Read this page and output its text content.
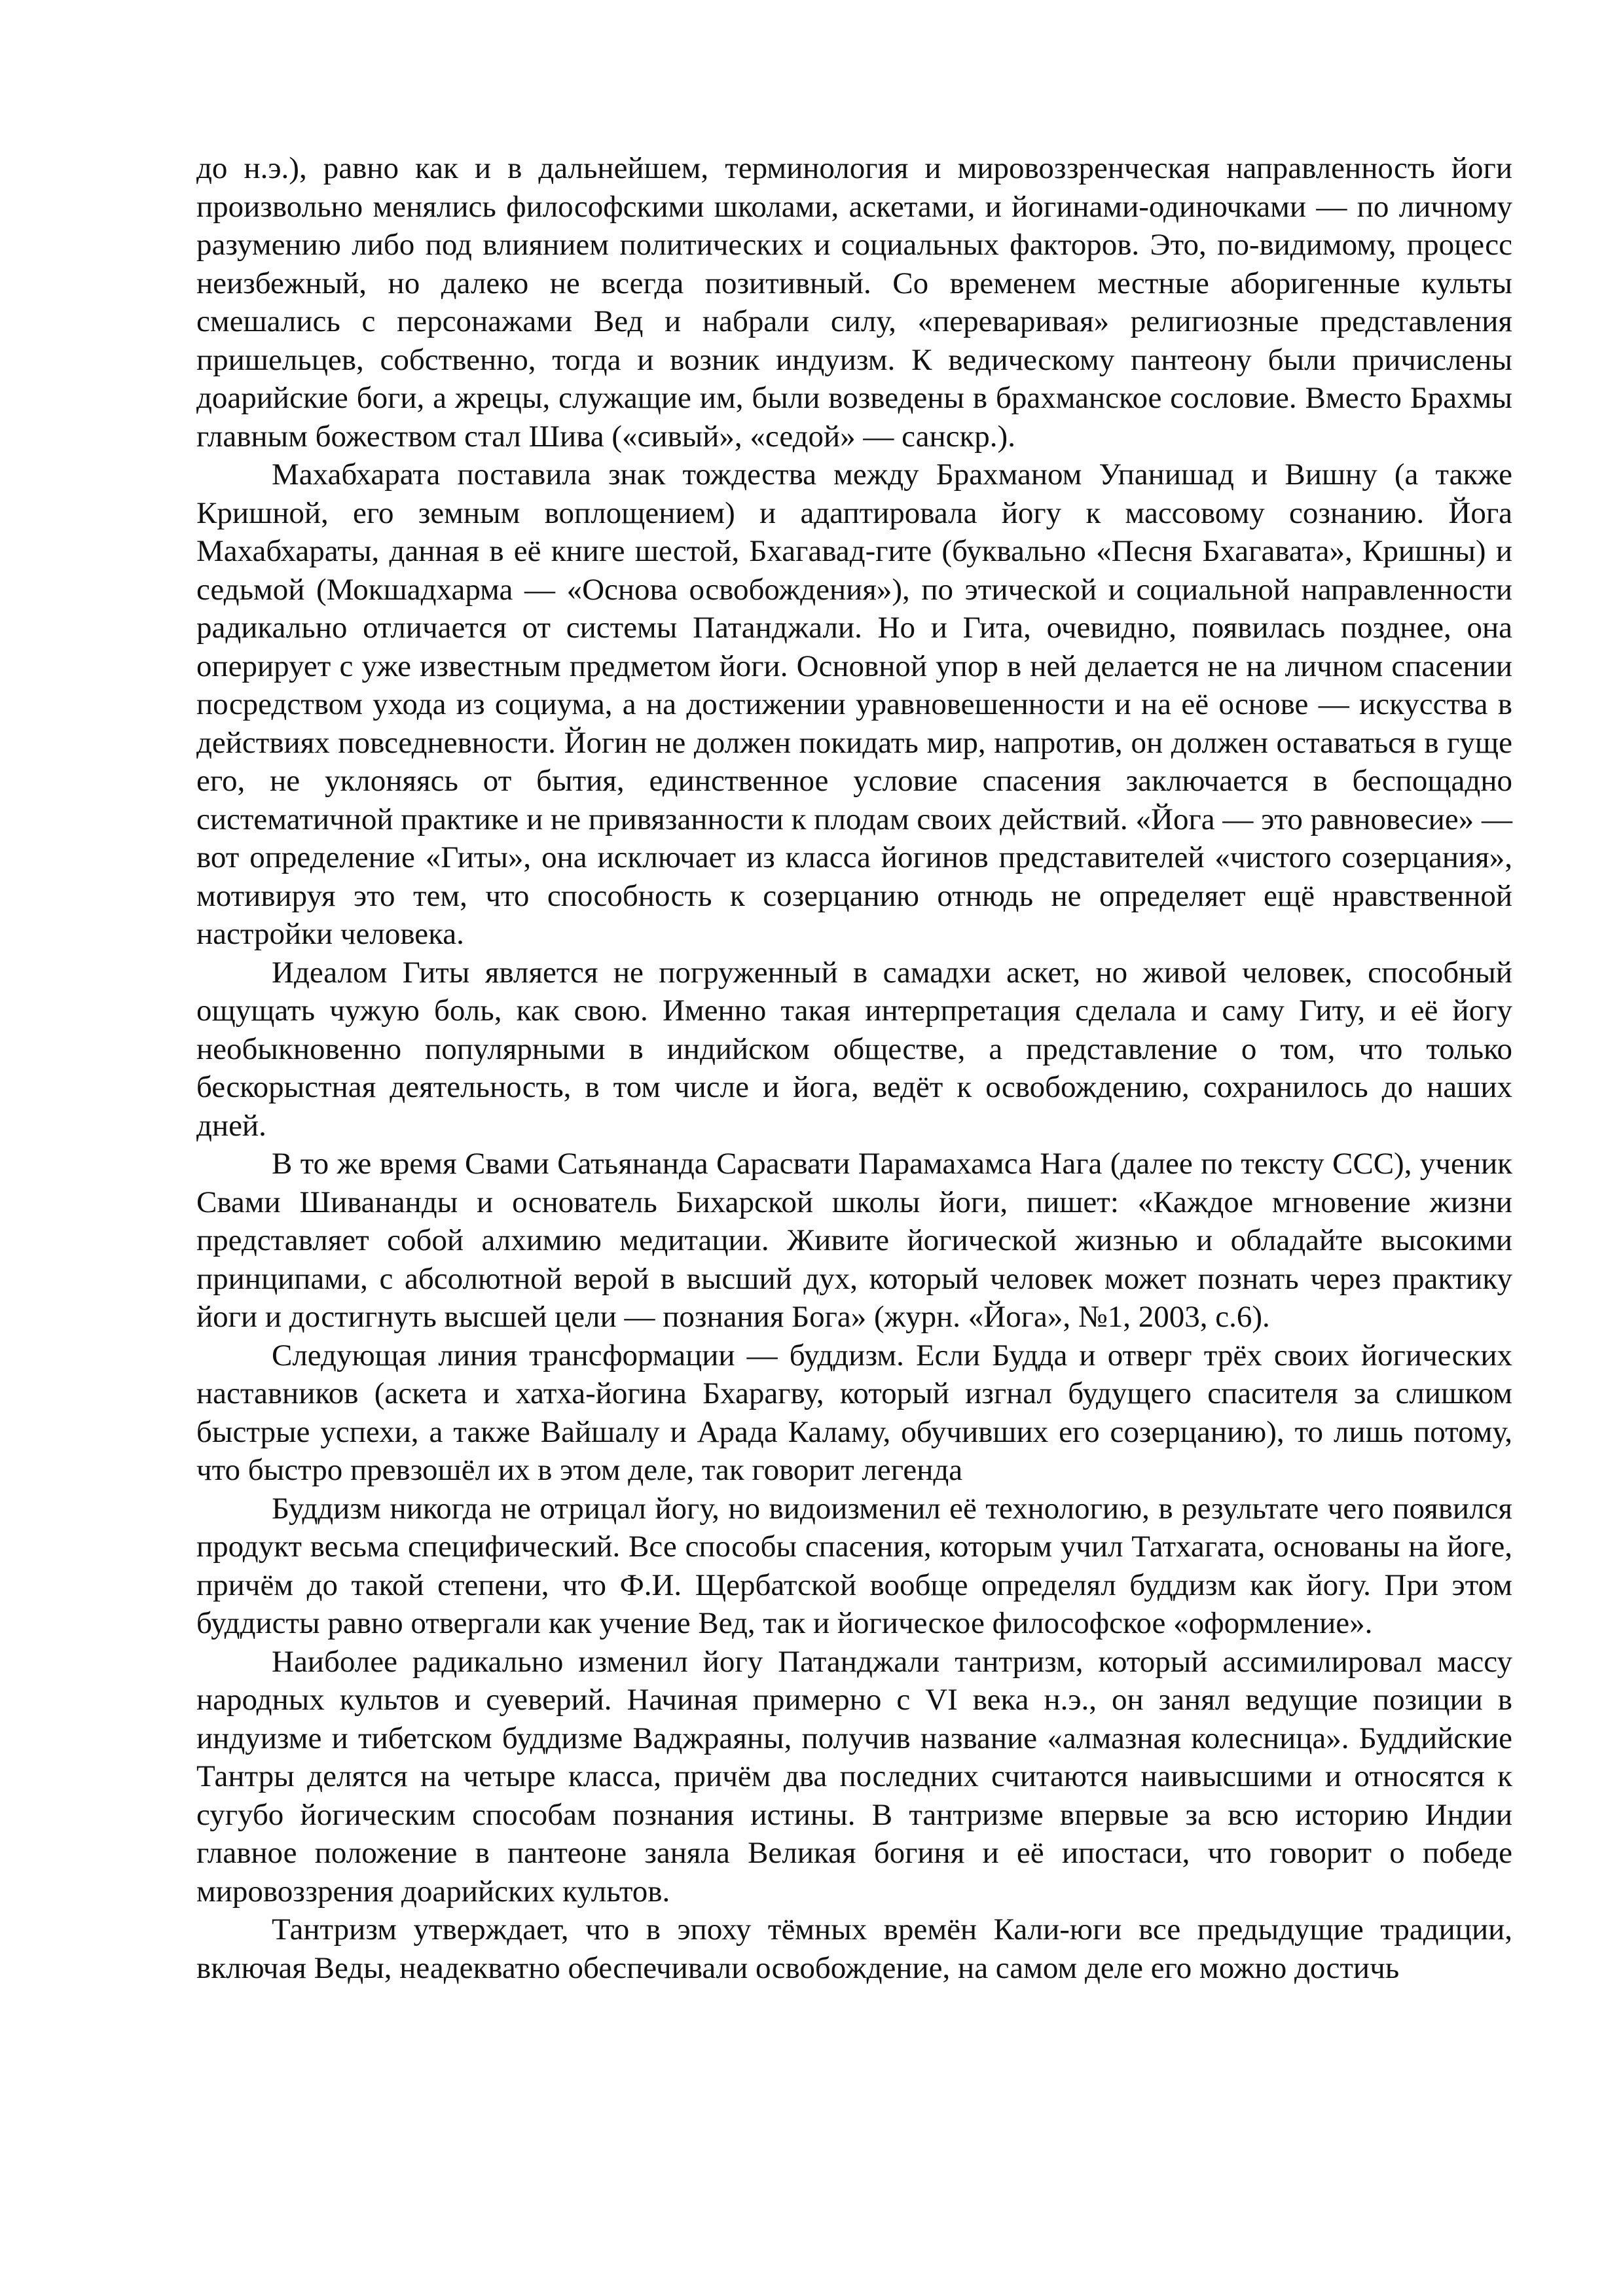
до н.э.), равно как и в дальнейшем, терминология и мировоззренческая направленность йоги произвольно менялись философскими школами, аскетами, и йогинами-одиночками — по личному разумению либо под влиянием политических и социальных факторов. Это, по-видимому, процесс неизбежный, но далеко не всегда позитивный. Со временем местные аборигенные культы смешались с персонажами Вед и набрали силу, «переваривая» религиозные представления пришельцев, собственно, тогда и возник индуизм. К ведическому пантеону были причислены доарийские боги, а жрецы, служащие им, были возведены в брахманское сословие. Вместо Брахмы главным божеством стал Шива («сивый», «седой» — санскр.).

Махабхарата поставила знак тождества между Брахманом Упанишад и Вишну (а также Кришной, его земным воплощением) и адаптировала йогу к массовому сознанию. Йога Махабхараты, данная в её книге шестой, Бхагавад-гите (буквально «Песня Бхагавата», Кришны) и седьмой (Мокшадхарма — «Основа освобождения»), по этической и социальной направленности радикально отличается от системы Патанджали. Но и Гита, очевидно, появилась позднее, она оперирует с уже известным предметом йоги. Основной упор в ней делается не на личном спасении посредством ухода из социума, а на достижении уравновешенности и на её основе — искусства в действиях повседневности. Йогин не должен покидать мир, напротив, он должен оставаться в гуще его, не уклоняясь от бытия, единственное условие спасения заключается в беспощадно систематичной практике и не привязанности к плодам своих действий. «Йога — это равновесие» — вот определение «Гиты», она исключает из класса йогинов представителей «чистого созерцания», мотивируя это тем, что способность к созерцанию отнюдь не определяет ещё нравственной настройки человека.

Идеалом Гиты является не погруженный в самадхи аскет, но живой человек, способный ощущать чужую боль, как свою. Именно такая интерпретация сделала и саму Гиту, и её йогу необыкновенно популярными в индийском обществе, а представление о том, что только бескорыстная деятельность, в том числе и йога, ведёт к освобождению, сохранилось до наших дней.

В то же время Свами Сатьянанда Сарасвати Парамахамса Нага (далее по тексту ССС), ученик Свами Шивананды и основатель Бихарской школы йоги, пишет: «Каждое мгновение жизни представляет собой алхимию медитации. Живите йогической жизнью и обладайте высокими принципами, с абсолютной верой в высший дух, который человек может познать через практику йоги и достигнуть высшей цели — познания Бога» (журн. «Йога», №1, 2003, с.6).

Следующая линия трансформации — буддизм. Если Будда и отверг трёх своих йогических наставников (аскета и хатха-йогина Бхарагву, который изгнал будущего спасителя за слишком быстрые успехи, а также Вайшалу и Арада Каламу, обучивших его созерцанию), то лишь потому, что быстро превзошёл их в этом деле, так говорит легенда

Буддизм никогда не отрицал йогу, но видоизменил её технологию, в результате чего появился продукт весьма специфический. Все способы спасения, которым учил Татхагата, основаны на йоге, причём до такой степени, что Ф.И. Щербатской вообще определял буддизм как йогу. При этом буддисты равно отвергали как учение Вед, так и йогическое философское «оформление».

Наиболее радикально изменил йогу Патанджали тантризм, который ассимилировал массу народных культов и суеверий. Начиная примерно с VI века н.э., он занял ведущие позиции в индуизме и тибетском буддизме Ваджраяны, получив название «алмазная колесница». Буддийские Тантры делятся на четыре класса, причём два последних считаются наивысшими и относятся к сугубо йогическим способам познания истины. В тантризме впервые за всю историю Индии главное положение в пантеоне заняла Великая богиня и её ипостаси, что говорит о победе мировоззрения доарийских культов.

Тантризм утверждает, что в эпоху тёмных времён Кали-юги все предыдущие традиции, включая Веды, неадекватно обеспечивали освобождение, на самом деле его можно достичь
